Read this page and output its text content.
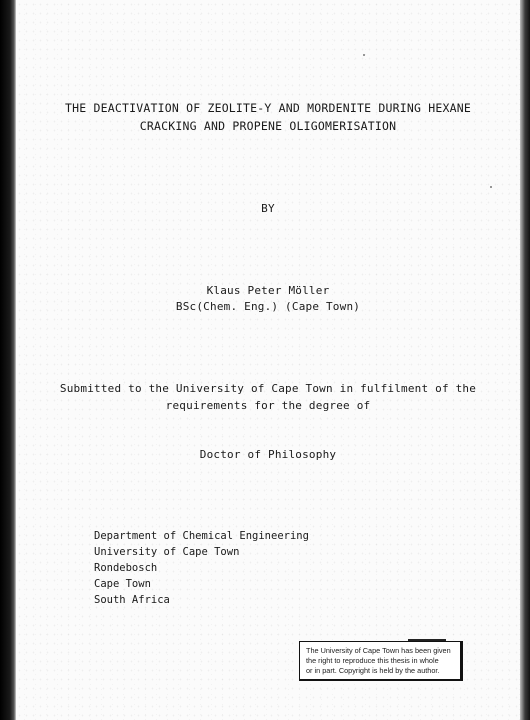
THE DEACTIVATION OF ZEOLITE-Y AND MORDENITE DURING HEXANE
CRACKING AND PROPENE OLIGOMERISATION
BY
Klaus Peter Möller
BSc(Chem. Eng.) (Cape Town)
Submitted to the University of Cape Town in fulfilment of the
requirements for the degree of
Doctor of Philosophy
Department of Chemical Engineering
University of Cape Town
Rondebosch
Cape Town
South Africa
The University of Cape Town has been given
the right to reproduce this thesis in whole
or in part. Copyright is held by the author.
